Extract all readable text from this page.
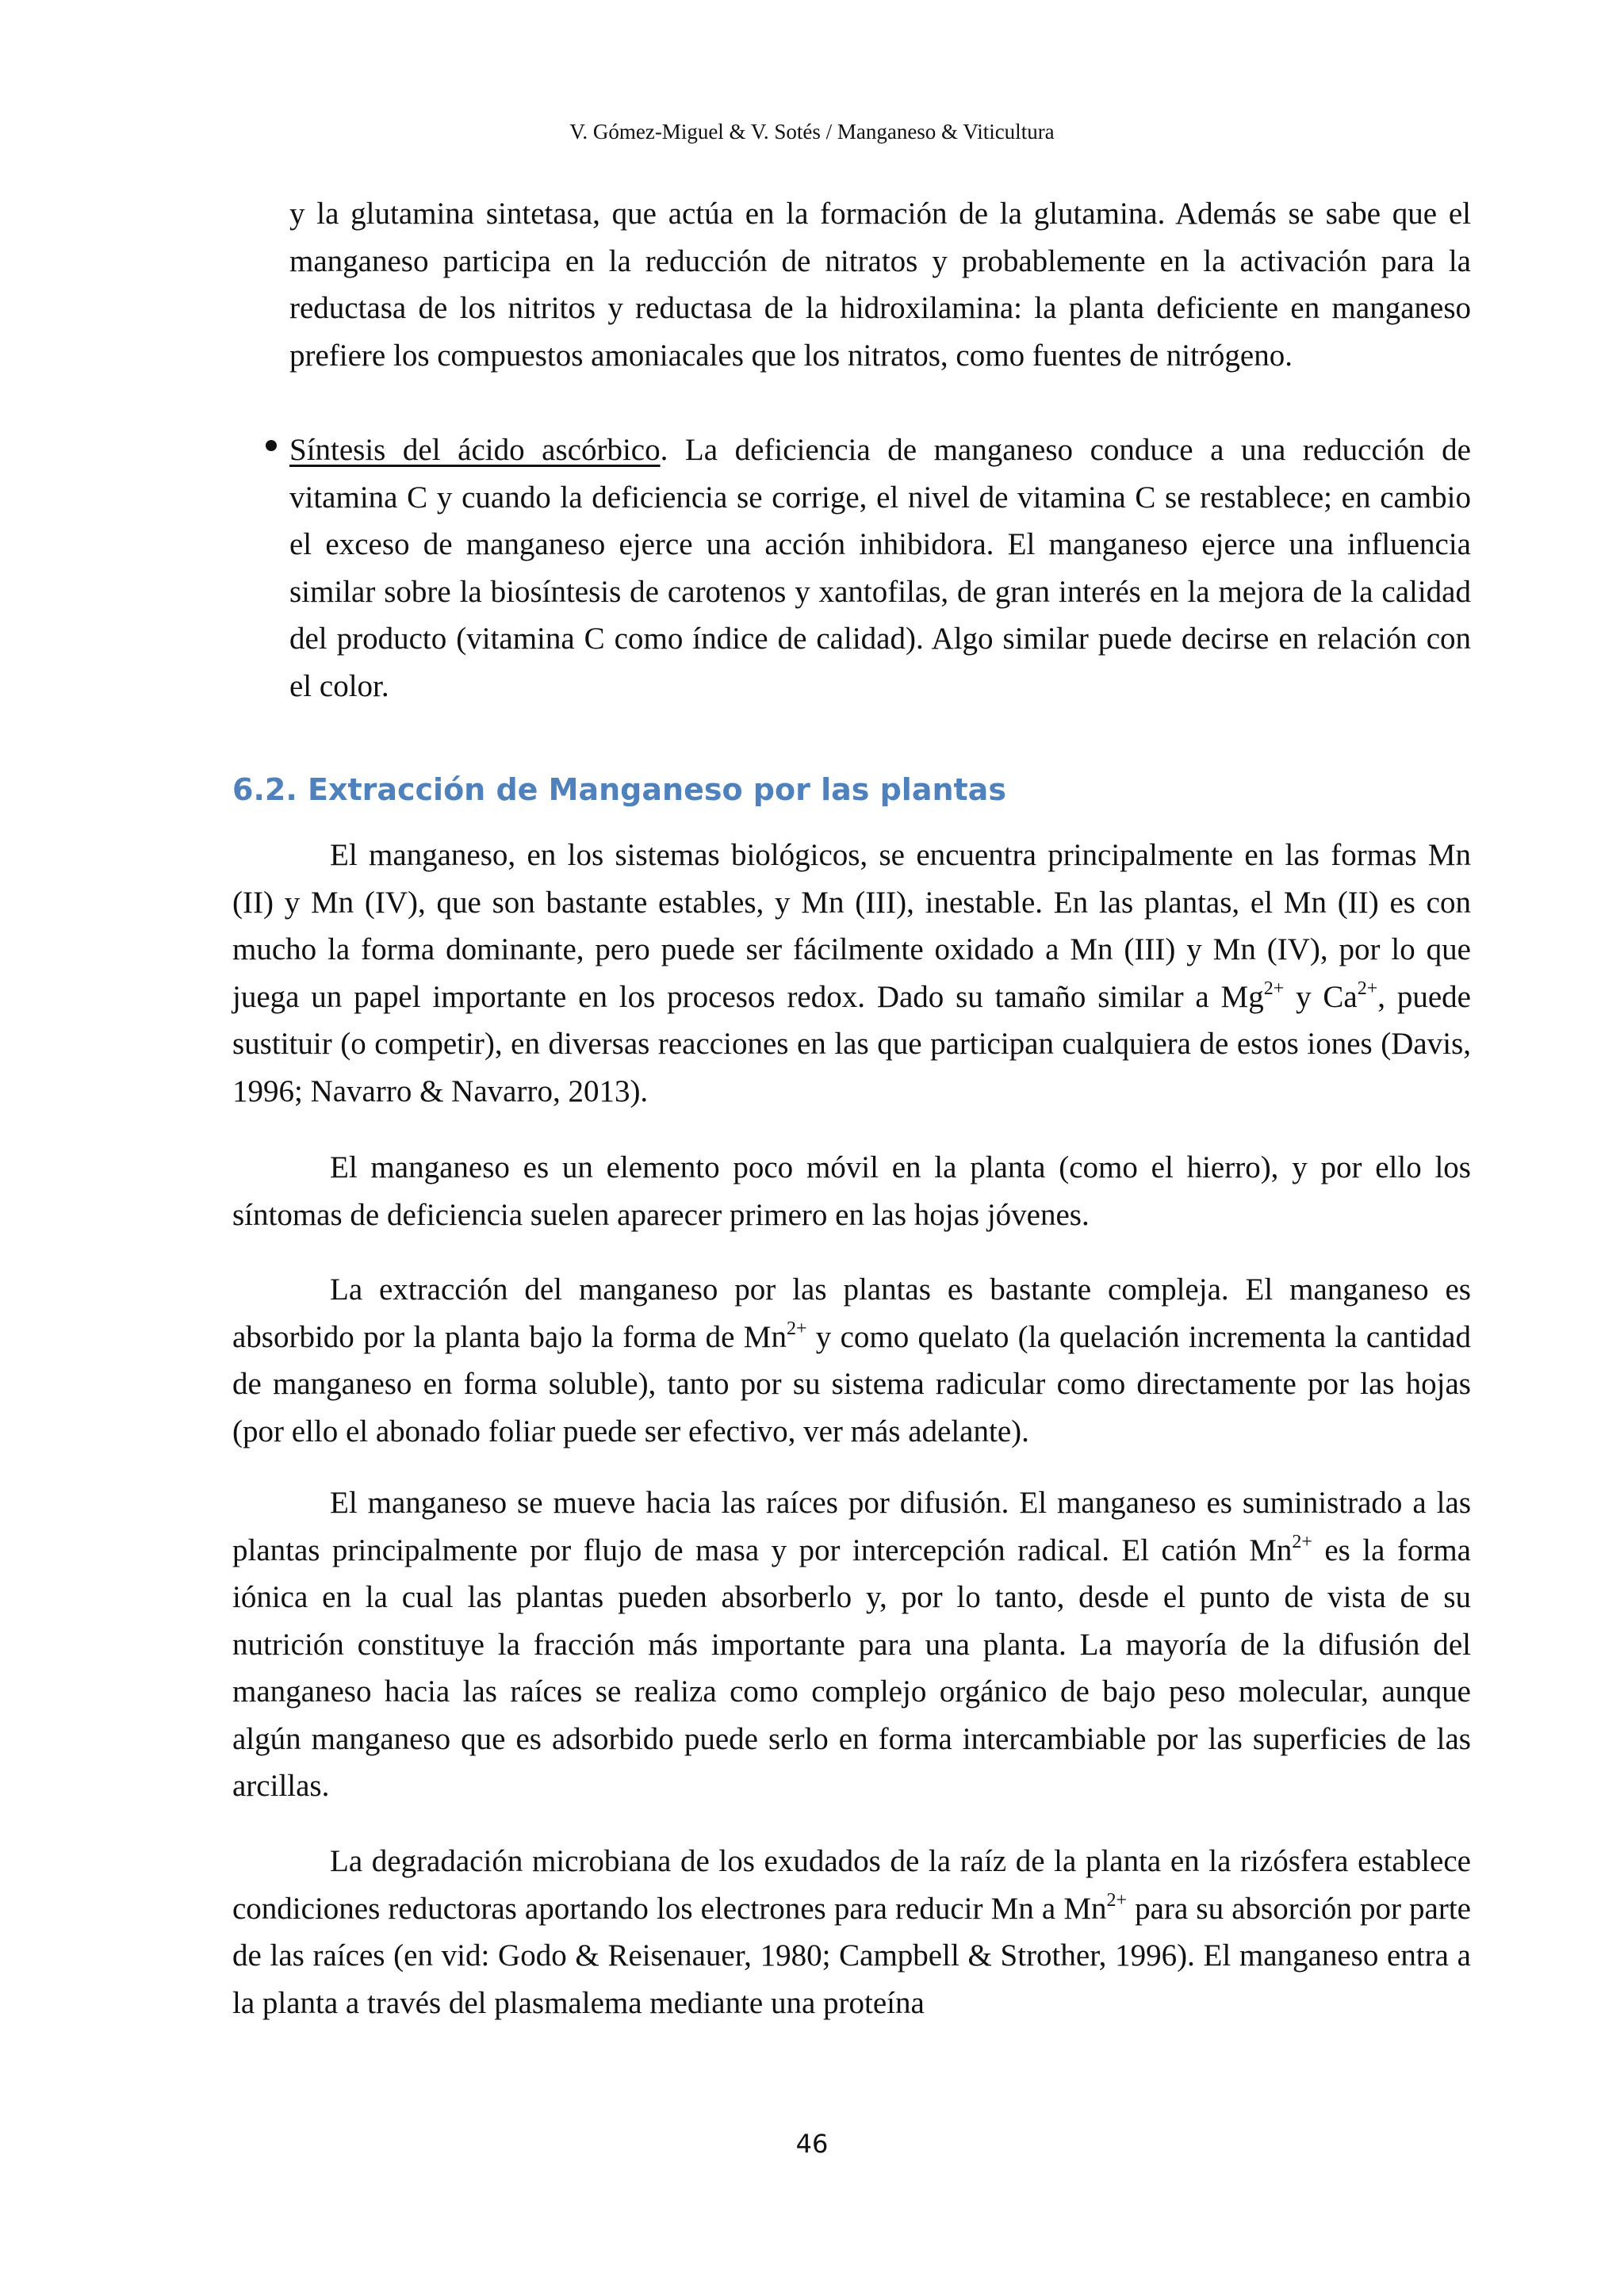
V. Gómez-Miguel & V. Sotés / Manganeso & Viticultura

y la glutamina sintetasa, que actúa en la formación de la glutamina. Además se sabe que el manganeso participa en la reducción de nitratos y probablemente en la activación para la reductasa de los nitritos y reductasa de la hidroxilamina: la planta deficiente en manganeso prefiere los compuestos amoniacales que los nitratos, como fuentes de nitrógeno.

Síntesis del ácido ascórbico. La deficiencia de manganeso conduce a una reducción de vitamina C y cuando la deficiencia se corrige, el nivel de vitamina C se restablece; en cambio el exceso de manganeso ejerce una acción inhibidora. El manganeso ejerce una influencia similar sobre la biosíntesis de carotenos y xantofilas, de gran interés en la mejora de la calidad del producto (vitamina C como índice de calidad). Algo similar puede decirse en relación con el color.

6.2. Extracción de Manganeso por las plantas

El manganeso, en los sistemas biológicos, se encuentra principalmente en las formas Mn (II) y Mn (IV), que son bastante estables, y Mn (III), inestable. En las plantas, el Mn (II) es con mucho la forma dominante, pero puede ser fácilmente oxidado a Mn (III) y Mn (IV), por lo que juega un papel importante en los procesos redox. Dado su tamaño similar a $Mg^{2+}$ y $Ca^{2+}$, puede sustituir (o competir), en diversas reacciones en las que participan cualquiera de estos iones (Davis, 1996; Navarro & Navarro, 2013).

El manganeso es un elemento poco móvil en la planta (como el hierro), y por ello los síntomas de deficiencia suelen aparecer primero en las hojas jóvenes.

La extracción del manganeso por las plantas es bastante compleja. El manganeso es absorbido por la planta bajo la forma de $Mn^{2+}$ y como quelato (la quelación incrementa la cantidad de manganeso en forma soluble), tanto por su sistema radicular como directamente por las hojas (por ello el abonado foliar puede ser efectivo, ver más adelante).

El manganeso se mueve hacia las raíces por difusión. El manganeso es suministrado a las plantas principalmente por flujo de masa y por intercepción radical. El catión $Mn^{2+}$ es la forma iónica en la cual las plantas pueden absorberlo y, por lo tanto, desde el punto de vista de su nutrición constituye la fracción más importante para una planta. La mayoría de la difusión del manganeso hacia las raíces se realiza como complejo orgánico de bajo peso molecular, aunque algún manganeso que es adsorbido puede serlo en forma intercambiable por las superficies de las arcillas.

La degradación microbiana de los exudados de la raíz de la planta en la rizósfera establece condiciones reductoras aportando los electrones para reducir Mn a $Mn^{2+}$ para su absorción por parte de las raíces (en vid: Godo & Reisenauer, 1980; Campbell & Strother, 1996). El manganeso entra a la planta a través del plasmalema mediante una proteína

46
